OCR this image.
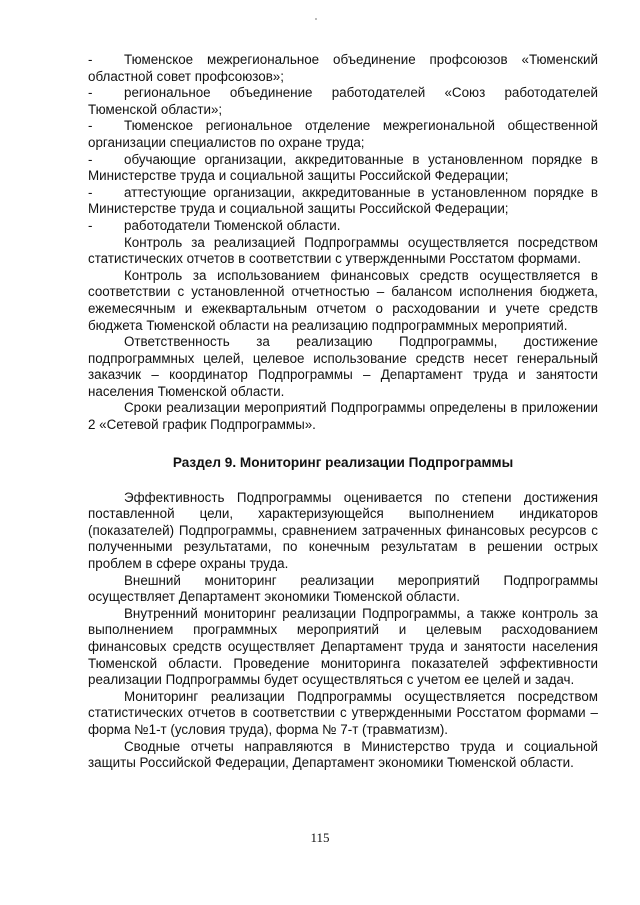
- Тюменское межрегиональное объединение профсоюзов «Тюменский областной совет профсоюзов»;

- региональное объединение работодателей «Союз работодателей Тюменской области»;

- Тюменское региональное отделение межрегиональной общественной организации специалистов по охране труда;

- обучающие организации, аккредитованные в установленном порядке в Министерстве труда и социальной защиты Российской Федерации;

- аттестующие организации, аккредитованные в установленном порядке в Министерстве труда и социальной защиты Российской Федерации;

- работодатели Тюменской области.

Контроль за реализацией Подпрограммы осуществляется посредством статистических отчетов в соответствии с утвержденными Росстатом формами.

Контроль за использованием финансовых средств осуществляется в соответствии с установленной отчетностью – балансом исполнения бюджета, ежемесячным и ежеквартальным отчетом о расходовании и учете средств бюджета Тюменской области на реализацию подпрограммных мероприятий.

Ответственность за реализацию Подпрограммы, достижение подпрограммных целей, целевое использование средств несет генеральный заказчик – координатор Подпрограммы – Департамент труда и занятости населения Тюменской области.

Сроки реализации мероприятий Подпрограммы определены в приложении 2 «Сетевой график Подпрограммы».

Раздел 9. Мониторинг реализации Подпрограммы

Эффективность Подпрограммы оценивается по степени достижения поставленной цели, характеризующейся выполнением индикаторов (показателей) Подпрограммы, сравнением затраченных финансовых ресурсов с полученными результатами, по конечным результатам в решении острых проблем в сфере охраны труда.

Внешний мониторинг реализации мероприятий Подпрограммы осуществляет Департамент экономики Тюменской области.

Внутренний мониторинг реализации Подпрограммы, а также контроль за выполнением программных мероприятий и целевым расходованием финансовых средств осуществляет Департамент труда и занятости населения Тюменской области. Проведение мониторинга показателей эффективности реализации Подпрограммы будет осуществляться с учетом ее целей и задач.

Мониторинг реализации Подпрограммы осуществляется посредством статистических отчетов в соответствии с утвержденными Росстатом формами – форма №1-т (условия труда), форма № 7-т (травматизм).

Сводные отчеты направляются в Министерство труда и социальной защиты Российской Федерации, Департамент экономики Тюменской области.

115
